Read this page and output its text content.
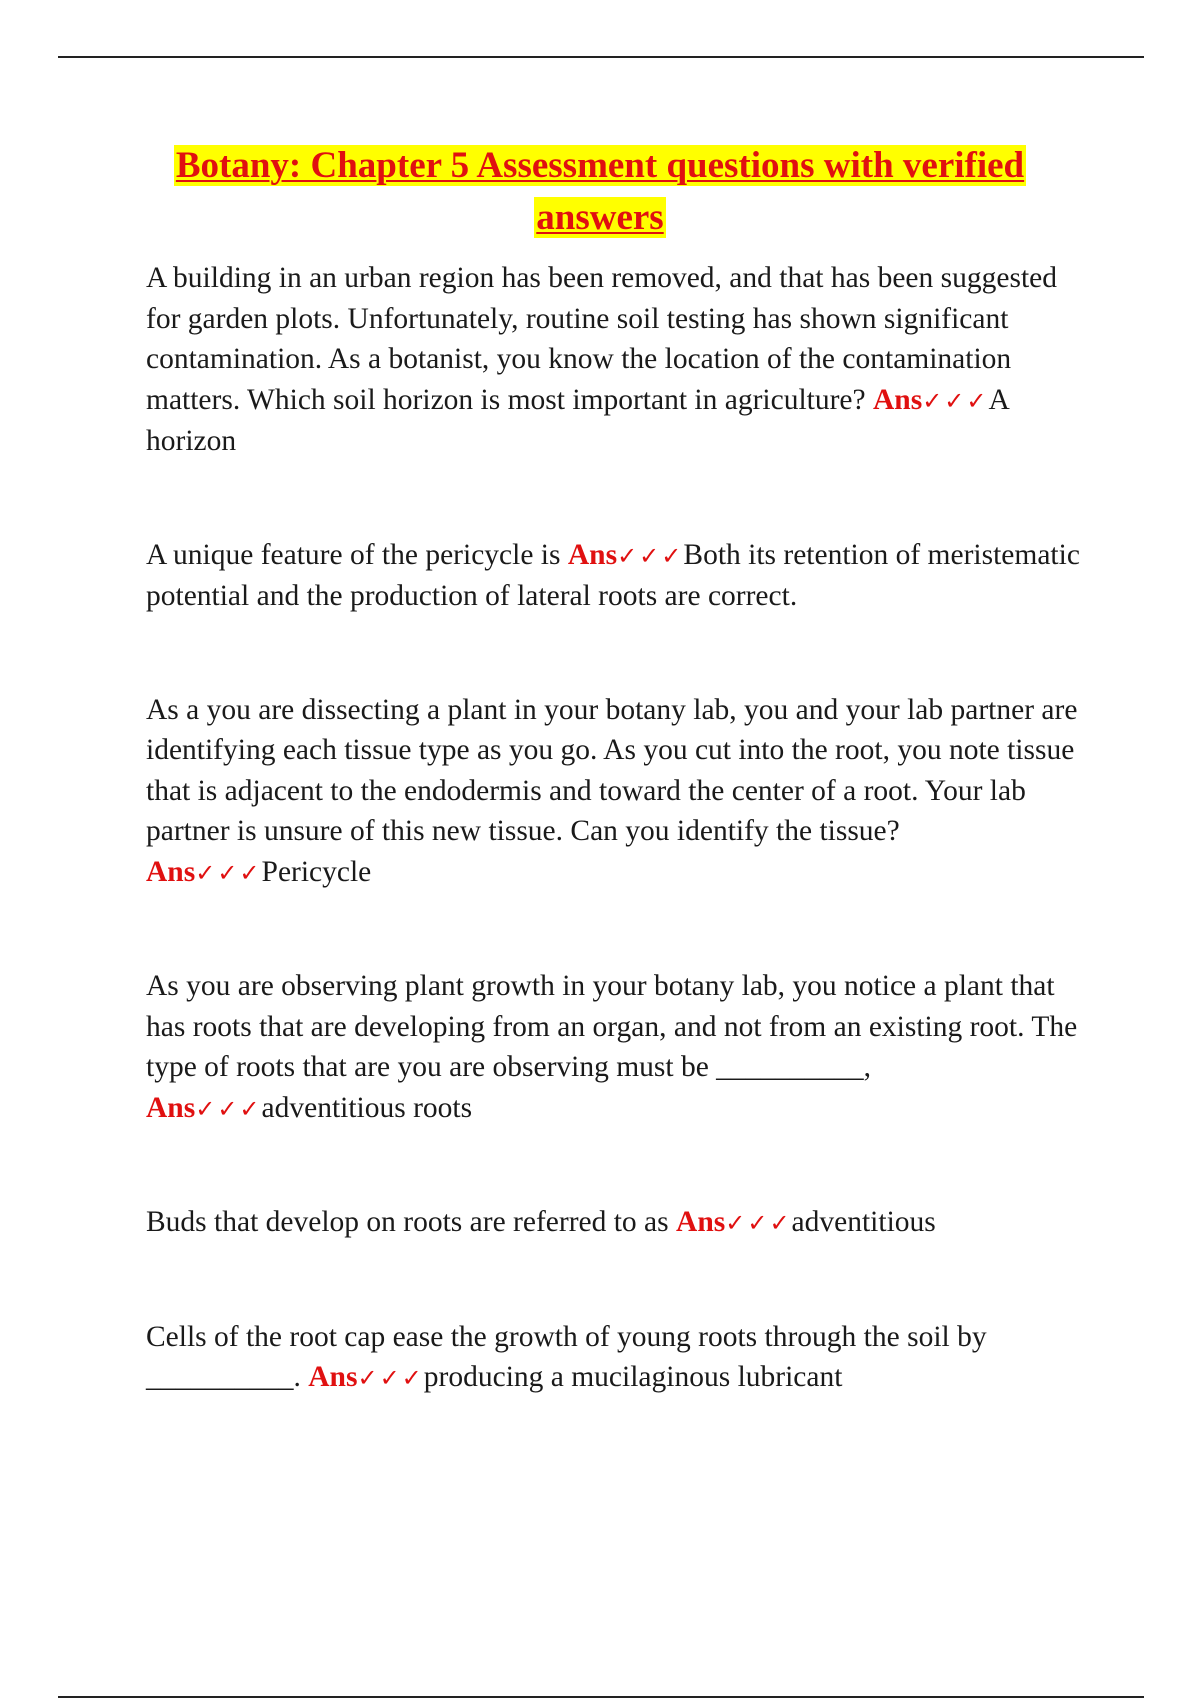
Botany: Chapter 5 Assessment questions with verified
answers

A building in an urban region has been removed, and that has been suggested for garden plots. Unfortunately, routine soil testing has shown significant contamination. As a botanist, you know the location of the contamination matters. Which soil horizon is most important in agriculture? Ans✓✓✓A horizon

A unique feature of the pericycle is Ans✓✓✓Both its retention of meristematic potential and the production of lateral roots are correct.

As a you are dissecting a plant in your botany lab, you and your lab partner are identifying each tissue type as you go. As you cut into the root, you note tissue that is adjacent to the endodermis and toward the center of a root. Your lab partner is unsure of this new tissue. Can you identify the tissue? Ans✓✓✓Pericycle

As you are observing plant growth in your botany lab, you notice a plant that has roots that are developing from an organ, and not from an existing root. The type of roots that are you are observing must be __________, Ans✓✓✓adventitious roots

Buds that develop on roots are referred to as Ans✓✓✓adventitious

Cells of the root cap ease the growth of young roots through the soil by __________. Ans✓✓✓producing a mucilaginous lubricant
